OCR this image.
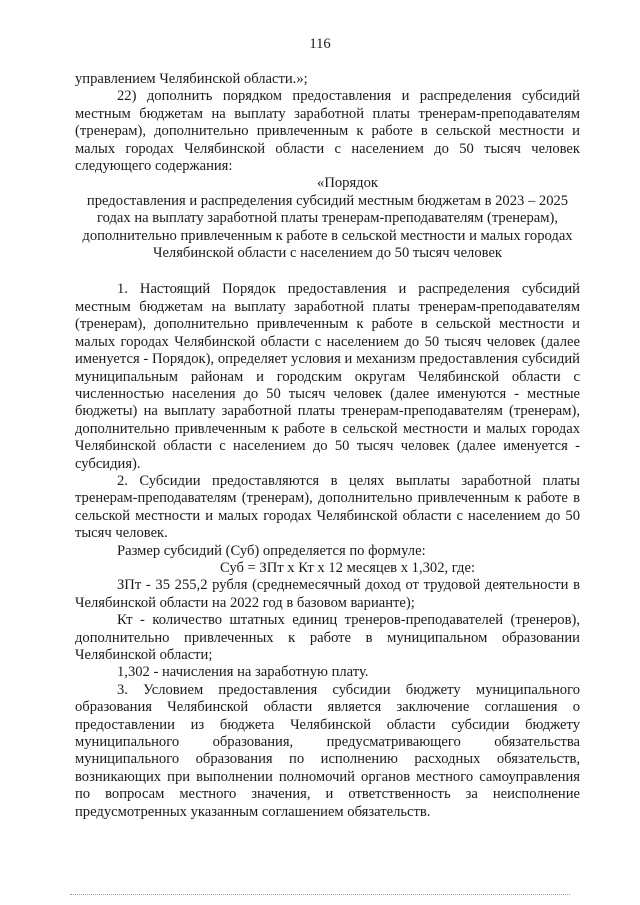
116

управлением Челябинской области.»;

22) дополнить порядком предоставления и распределения субсидий местным бюджетам на выплату заработной платы тренерам-преподавателям (тренерам), дополнительно привлеченным к работе в сельской местности и малых городах Челябинской области с населением до 50 тысяч человек следующего содержания:

«Порядок

предоставления и распределения субсидий местным бюджетам в 2023 – 2025 годах на выплату заработной платы тренерам-преподавателям (тренерам), дополнительно привлеченным к работе в сельской местности и малых городах Челябинской области с населением до 50 тысяч человек

1. Настоящий Порядок предоставления и распределения субсидий местным бюджетам на выплату заработной платы тренерам-преподавателям (тренерам), дополнительно привлеченным к работе в сельской местности и малых городах Челябинской области с населением до 50 тысяч человек (далее именуется - Порядок), определяет условия и механизм предоставления субсидий муниципальным районам и городским округам Челябинской области с численностью населения до 50 тысяч человек (далее именуются - местные бюджеты) на выплату заработной платы тренерам-преподавателям (тренерам), дополнительно привлеченным к работе в сельской местности и малых городах Челябинской области с населением до 50 тысяч человек (далее именуется - субсидия).

2. Субсидии предоставляются в целях выплаты заработной платы тренерам-преподавателям (тренерам), дополнительно привлеченным к работе в сельской местности и малых городах Челябинской области с населением до 50 тысяч человек.

Размер субсидий (Суб) определяется по формуле:

Суб = ЗПт x Кт x 12 месяцев x 1,302, где:

ЗПт - 35 255,2 рубля (среднемесячный доход от трудовой деятельности в Челябинской области на 2022 год в базовом варианте);

Кт - количество штатных единиц тренеров-преподавателей (тренеров), дополнительно привлеченных к работе в муниципальном образовании Челябинской области;

1,302 - начисления на заработную плату.

3. Условием предоставления субсидии бюджету муниципального образования Челябинской области является заключение соглашения о предоставлении из бюджета Челябинской области субсидии бюджету муниципального образования, предусматривающего обязательства муниципального образования по исполнению расходных обязательств, возникающих при выполнении полномочий органов местного самоуправления по вопросам местного значения, и ответственность за неисполнение предусмотренных указанным соглашением обязательств.
